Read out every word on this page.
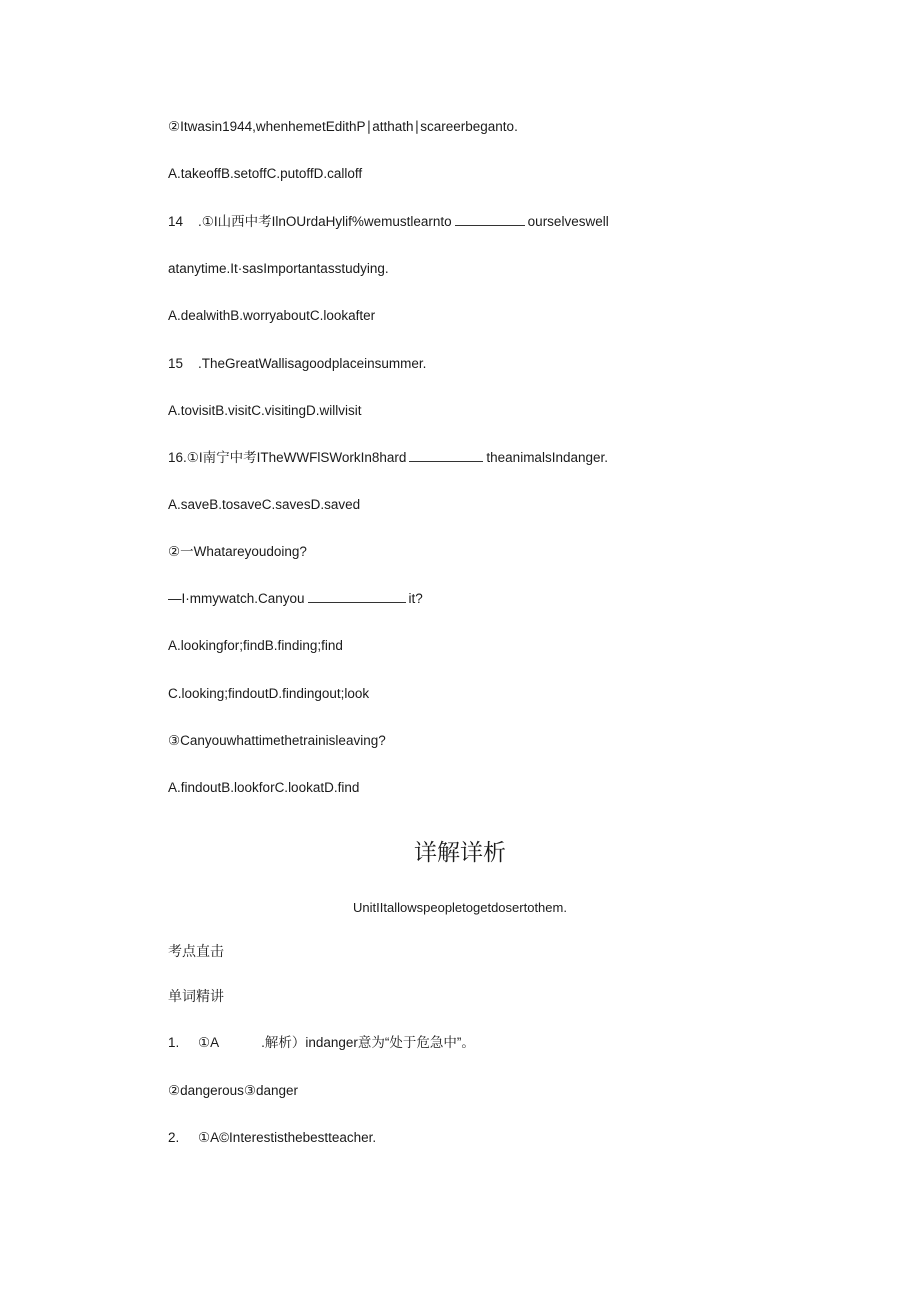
②Itwasin1944,whenhemetEdithP∣atthath∣scareerbeganto.
A.takeoffB.setoffC.putoffD.calloff
14 .①I山西中考IlnOUrdaHylif%wemustlearnto	ourselveswell
atanytime.It·sasImportantasstudying.
A.dealwithB.worryaboutC.lookafter
15 .TheGreatWallisagoodplaceinsummer.
A.tovisitB.visitC.visitingD.willvisit
16.①I南宁中考ITheWWFlSWorkIn8hard	theanimalsIndanger.
A.saveB.tosaveC.savesD.saved
②一Whatareyoudoing?
—I·mmywatch.Canyou	it?
A.lookingfor;findB.finding;find
C.looking;findoutD.findingout;look
③Canyouwhattimethetrainisleaving?
A.findoutB.lookforC.lookatD.find
详解详析
UnitIItallowspeopletogetdosertothem.
考点直击
单词精讲
1. ①A	.解析）indanger意为“处于危急中”。
②dangerous③danger
2. ①A©Interestisthebestteacher.
